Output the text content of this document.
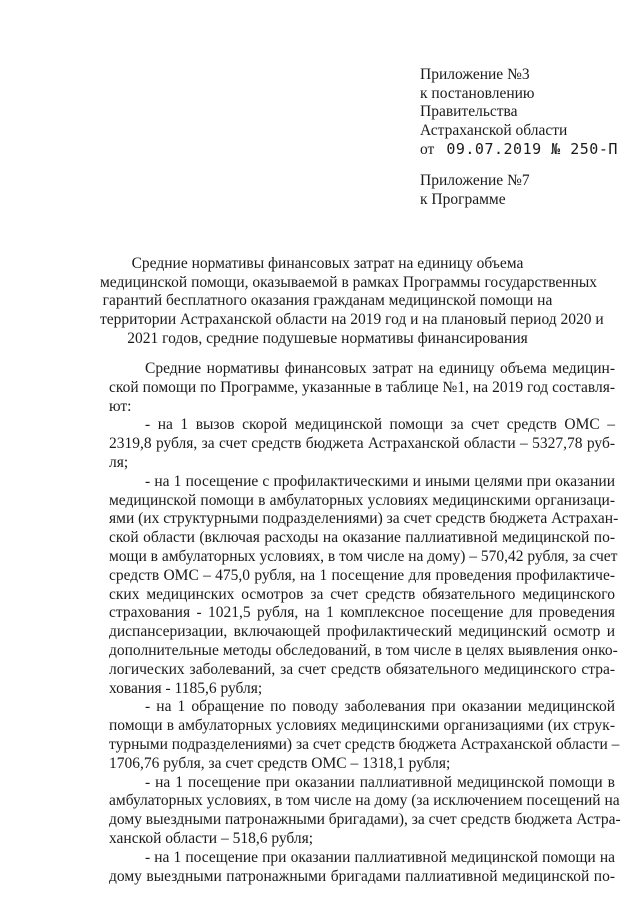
Приложение №3
к постановлению
Правительства
Астраханской области
от 09.07.2019 № 250-П
Приложение №7
к Программе
Средние нормативы финансовых затрат на единицу объема
медицинской помощи, оказываемой в рамках Программы государственных
гарантий бесплатного оказания гражданам медицинской помощи на
территории Астраханской области на 2019 год и на плановый период 2020 и
2021 годов, средние подушевые нормативы финансирования
Средние нормативы финансовых затрат на единицу объема медицин-
ской помощи по Программе, указанные в таблице №1, на 2019 год составля-
ют:
- на 1 вызов скорой медицинской помощи за счет средств ОМС –
2319,8 рубля, за счет средств бюджета Астраханской области – 5327,78 руб-
ля;
- на 1 посещение с профилактическими и иными целями при оказании
медицинской помощи в амбулаторных условиях медицинскими организаци-
ями (их структурными подразделениями) за счет средств бюджета Астрахан-
ской области (включая расходы на оказание паллиативной медицинской по-
мощи в амбулаторных условиях, в том числе на дому) – 570,42 рубля, за счет
средств ОМС – 475,0 рубля, на 1 посещение для проведения профилактиче-
ских медицинских осмотров за счет средств обязательного медицинского
страхования - 1021,5 рубля, на 1 комплексное посещение для проведения
диспансеризации, включающей профилактический медицинский осмотр и
дополнительные методы обследований, в том числе в целях выявления онко-
логических заболеваний, за счет средств обязательного медицинского стра-
хования - 1185,6 рубля;
- на 1 обращение по поводу заболевания при оказании медицинской
помощи в амбулаторных условиях медицинскими организациями (их струк-
турными подразделениями) за счет средств бюджета Астраханской области –
1706,76 рубля, за счет средств ОМС – 1318,1 рубля;
- на 1 посещение при оказании паллиативной медицинской помощи в
амбулаторных условиях, в том числе на дому (за исключением посещений на
дому выездными патронажными бригадами), за счет средств бюджета Астра-
ханской области – 518,6 рубля;
- на 1 посещение при оказании паллиативной медицинской помощи на
дому выездными патронажными бригадами паллиативной медицинской по-
